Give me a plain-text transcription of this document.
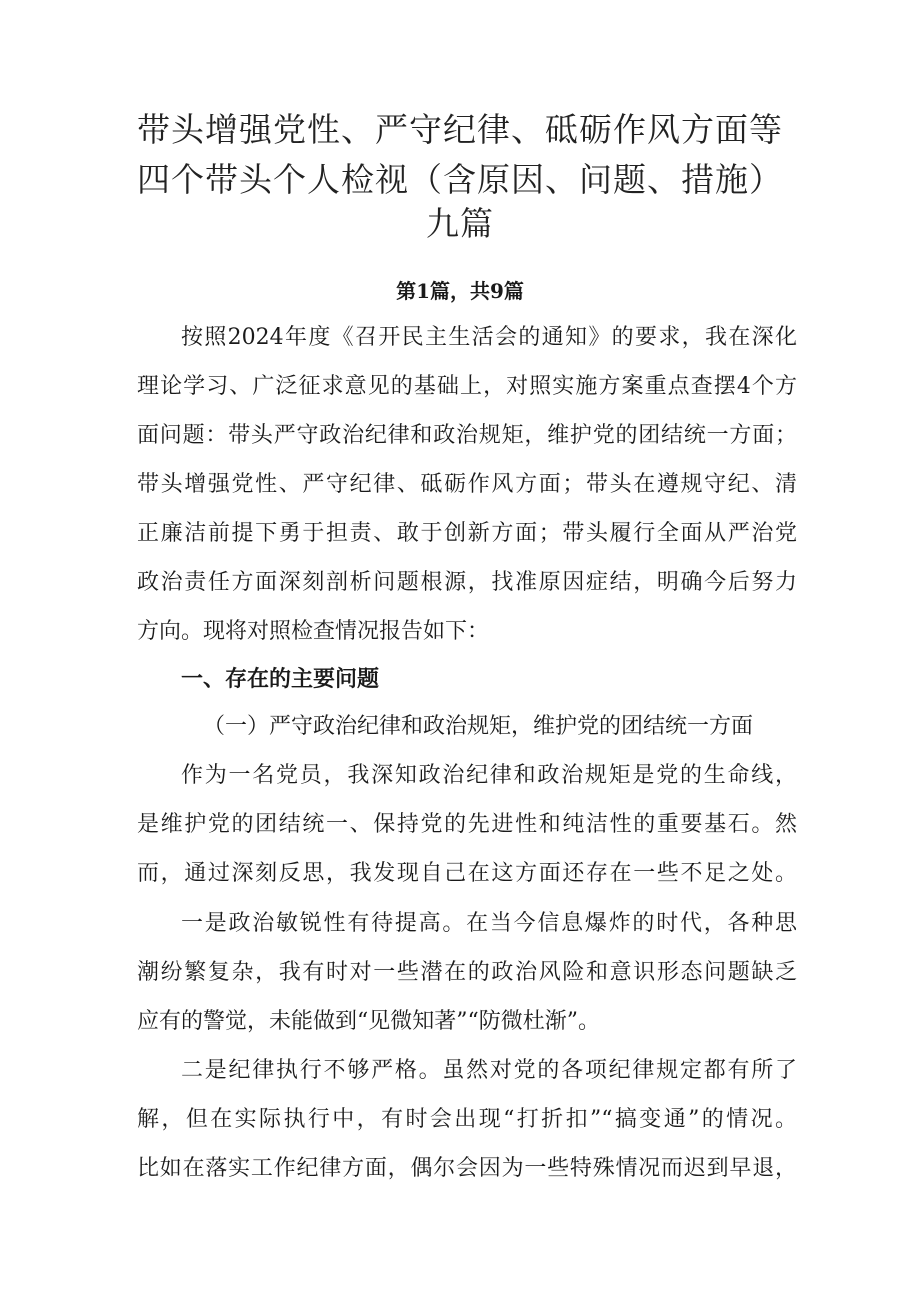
带头增强党性、严守纪律、砥砺作风方面等
四个带头个人检视（含原因、问题、措施）
九篇
第1篇，共9篇
按照2024年度《召开民主生活会的通知》的要求，我在深化
理论学习、广泛征求意见的基础上，对照实施方案重点查摆4个方
面问题：带头严守政治纪律和政治规矩，维护党的团结统一方面；
带头增强党性、严守纪律、砥砺作风方面；带头在遵规守纪、清
正廉洁前提下勇于担责、敢于创新方面；带头履行全面从严治党
政治责任方面深刻剖析问题根源，找准原因症结，明确今后努力
方向。现将对照检查情况报告如下：
一、存在的主要问题
（一）严守政治纪律和政治规矩，维护党的团结统一方面
作为一名党员，我深知政治纪律和政治规矩是党的生命线，
是维护党的团结统一、保持党的先进性和纯洁性的重要基石。然
而，通过深刻反思，我发现自己在这方面还存在一些不足之处。
一是政治敏锐性有待提高。在当今信息爆炸的时代，各种思
潮纷繁复杂，我有时对一些潜在的政治风险和意识形态问题缺乏
应有的警觉，未能做到“见微知著”“防微杜渐”。
二是纪律执行不够严格。虽然对党的各项纪律规定都有所了
解，但在实际执行中，有时会出现“打折扣”“搞变通”的情况。
比如在落实工作纪律方面，偶尔会因为一些特殊情况而迟到早退，
